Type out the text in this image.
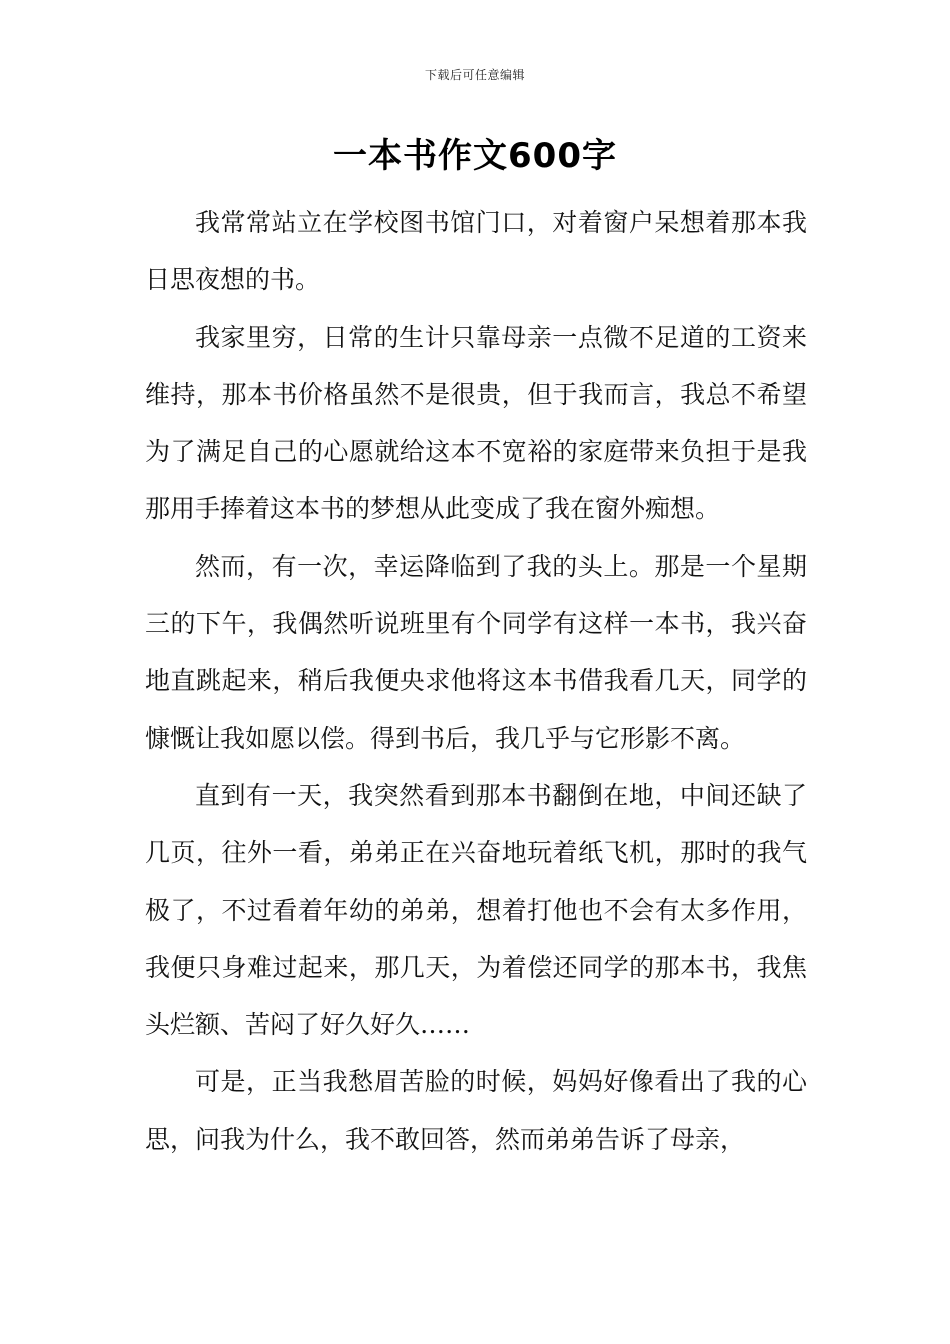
下载后可任意编辑
一本书作文600字

我常常站立在学校图书馆门口，对着窗户呆想着那本我日思夜想的书。

我家里穷，日常的生计只靠母亲一点微不足道的工资来维持，那本书价格虽然不是很贵，但于我而言，我总不希望为了满足自己的心愿就给这本不宽裕的家庭带来负担于是我那用手捧着这本书的梦想从此变成了我在窗外痴想。

然而，有一次，幸运降临到了我的头上。那是一个星期三的下午，我偶然听说班里有个同学有这样一本书，我兴奋地直跳起来，稍后我便央求他将这本书借我看几天，同学的慷慨让我如愿以偿。得到书后，我几乎与它形影不离。

直到有一天，我突然看到那本书翻倒在地，中间还缺了几页，往外一看，弟弟正在兴奋地玩着纸飞机，那时的我气极了，不过看着年幼的弟弟，想着打他也不会有太多作用，我便只身难过起来，那几天，为着偿还同学的那本书，我焦头烂额、苦闷了好久好久……

可是，正当我愁眉苦脸的时候，妈妈好像看出了我的心思，问我为什么，我不敢回答，然而弟弟告诉了母亲，
